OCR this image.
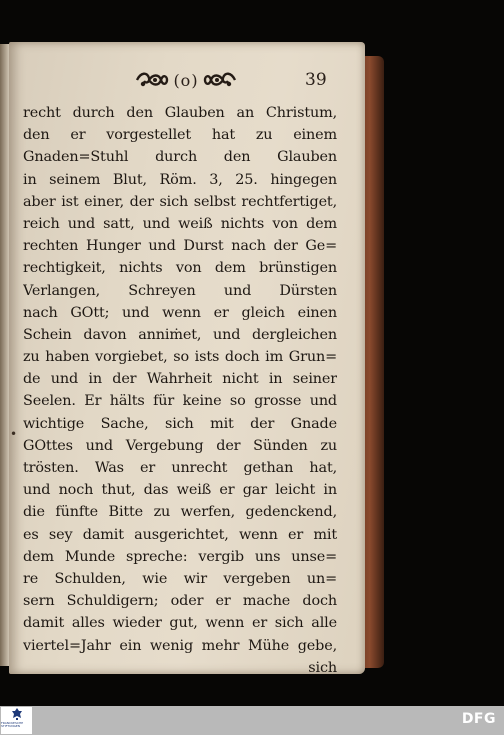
(o)	39
recht durch den Glauben an Christum,
den er vorgestellet hat zu einem
Gnaden=Stuhl durch den Glauben
in seinem Blut, Röm. 3, 25. hingegen
aber ist einer, der sich selbst rechtfertiget,
reich und satt, und weiß nichts von dem
rechten Hunger und Durst nach der Ge=
rechtigkeit, nichts von dem brünstigen
Verlangen, Schreyen und Dürsten
nach GOtt; und wenn er gleich einen
Schein davon anniṁet, und dergleichen
zu haben vorgiebet, so ists doch im Grun=
de und in der Wahrheit nicht in seiner
Seelen. Er hälts für keine so grosse und
wichtige Sache, sich mit der Gnade
GOttes und Vergebung der Sünden zu
trösten. Was er unrecht gethan hat,
und noch thut, das weiß er gar leicht in
die fünfte Bitte zu werfen, gedenckend,
es sey damit ausgerichtet, wenn er mit
dem Munde spreche: vergib uns unse=
re Schulden, wie wir vergeben un=
sern Schuldigern; oder er mache doch
damit alles wieder gut, wenn er sich alle
viertel=Jahr ein wenig mehr Mühe gebe,
sich
•
FRANCKESCHE STIFTUNGEN	DFG
